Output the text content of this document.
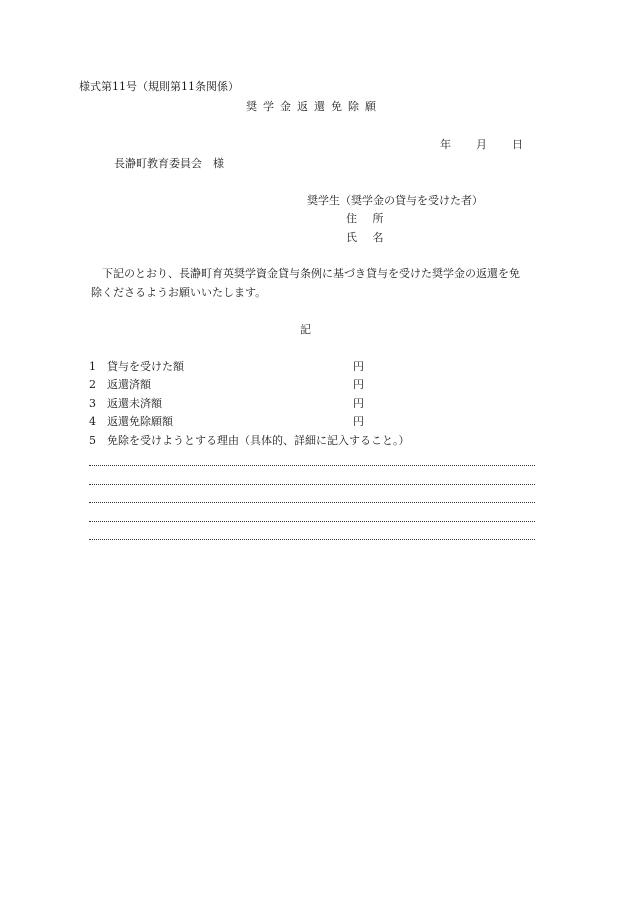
様式第11号（規則第11条関係）
奨学金返還免除願
年 月 日
長瀞町教育委員会 様
奨学生（奨学金の貸与を受けた者）
住 所
氏 名
下記のとおり、長瀞町育英奨学資金貸与条例に基づき貸与を受けた奨学金の返還を免
除くださるようお願いいたします。
記
1 貸与を受けた額	円
2 返還済額	円
3 返還未済額	円
4 返還免除願額	円
5 免除を受けようとする理由（具体的、詳細に記入すること。）
